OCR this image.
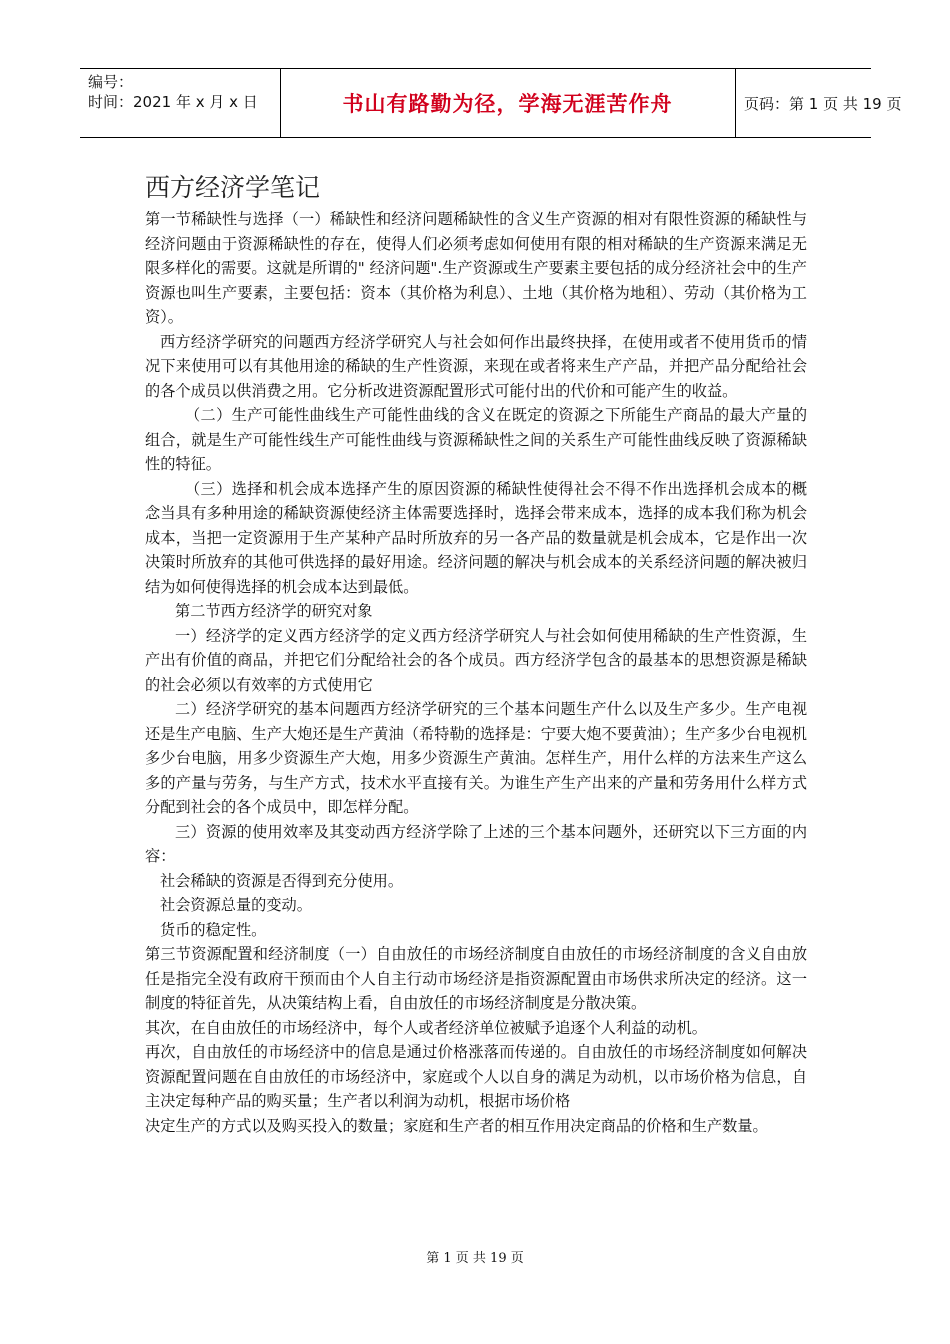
编号：
时间：2021 年 x 月 x 日	书山有路勤为径，学海无涯苦作舟	页码：第 1 页 共 19 页
西方经济学笔记

第一节稀缺性与选择（一）稀缺性和经济问题稀缺性的含义生产资源的相对有限性资源的稀缺性与经济问题由于资源稀缺性的存在，使得人们必须考虑如何使用有限的相对稀缺的生产资源来满足无限多样化的需要。这就是所谓的" 经济问题".生产资源或生产要素主要包括的成分经济社会中的生产资源也叫生产要素，主要包括：资本（其价格为利息）、土地（其价格为地租）、劳动（其价格为工资）。

西方经济学研究的问题西方经济学研究人与社会如何作出最终抉择，在使用或者不使用货币的情况下来使用可以有其他用途的稀缺的生产性资源，来现在或者将来生产产品，并把产品分配给社会的各个成员以供消费之用。它分析改进资源配置形式可能付出的代价和可能产生的收益。

（二）生产可能性曲线生产可能性曲线的含义在既定的资源之下所能生产商品的最大产量的组合，就是生产可能性线生产可能性曲线与资源稀缺性之间的关系生产可能性曲线反映了资源稀缺性的特征。

（三）选择和机会成本选择产生的原因资源的稀缺性使得社会不得不作出选择机会成本的概念当具有多种用途的稀缺资源使经济主体需要选择时，选择会带来成本，选择的成本我们称为机会成本，当把一定资源用于生产某种产品时所放弃的另一各产品的数量就是机会成本，它是作出一次决策时所放弃的其他可供选择的最好用途。经济问题的解决与机会成本的关系经济问题的解决被归结为如何使得选择的机会成本达到最低。

第二节西方经济学的研究对象

一）经济学的定义西方经济学的定义西方经济学研究人与社会如何使用稀缺的生产性资源，生产出有价值的商品，并把它们分配给社会的各个成员。西方经济学包含的最基本的思想资源是稀缺的社会必须以有效率的方式使用它

二）经济学研究的基本问题西方经济学研究的三个基本问题生产什么以及生产多少。生产电视还是生产电脑、生产大炮还是生产黄油（希特勒的选择是：宁要大炮不要黄油）；生产多少台电视机多少台电脑，用多少资源生产大炮，用多少资源生产黄油。怎样生产，用什么样的方法来生产这么多的产量与劳务，与生产方式，技术水平直接有关。为谁生产生产出来的产量和劳务用什么样方式分配到社会的各个成员中，即怎样分配。

三）资源的使用效率及其变动西方经济学除了上述的三个基本问题外，还研究以下三方面的内容：

社会稀缺的资源是否得到充分使用。

社会资源总量的变动。

货币的稳定性。

第三节资源配置和经济制度（一）自由放任的市场经济制度自由放任的市场经济制度的含义自由放任是指完全没有政府干预而由个人自主行动市场经济是指资源配置由市场供求所决定的经济。这一制度的特征首先，从决策结构上看，自由放任的市场经济制度是分散决策。

其次，在自由放任的市场经济中，每个人或者经济单位被赋予追逐个人利益的动机。

再次，自由放任的市场经济中的信息是通过价格涨落而传递的。自由放任的市场经济制度如何解决资源配置问题在自由放任的市场经济中，家庭或个人以自身的满足为动机，以市场价格为信息，自主决定每种产品的购买量；生产者以利润为动机，根据市场价格

决定生产的方式以及购买投入的数量；家庭和生产者的相互作用决定商品的价格和生产数量。

第 1 页 共 19 页
